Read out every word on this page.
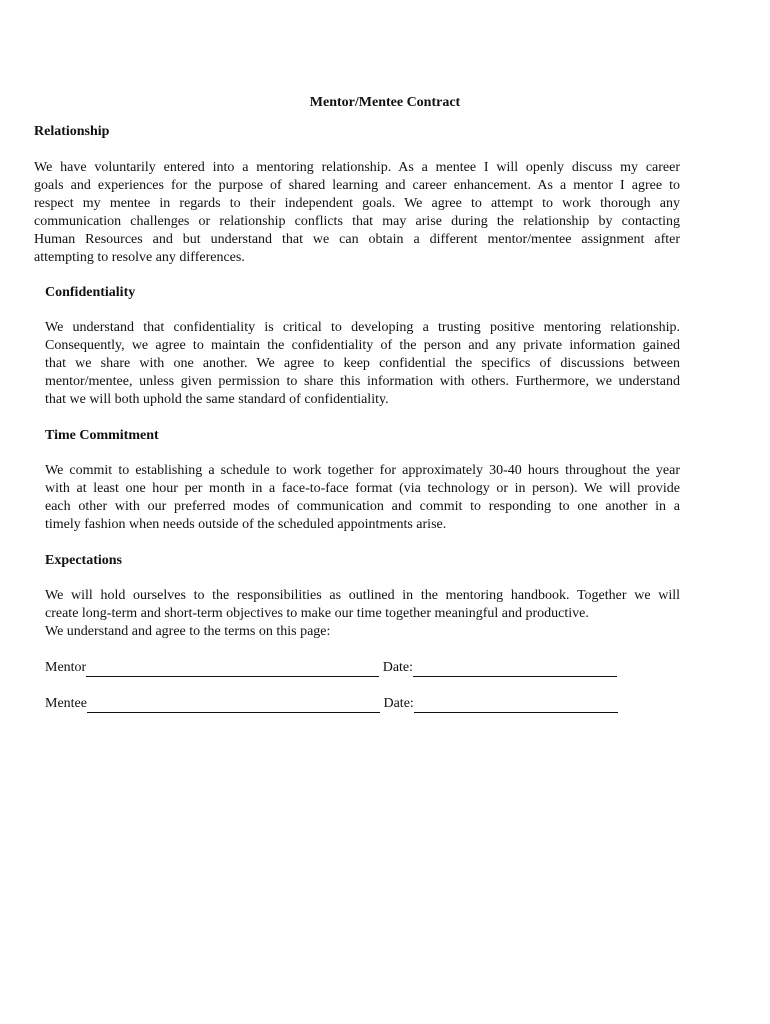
Mentor/Mentee Contract
Relationship
We have voluntarily entered into a mentoring relationship. As a mentee I will openly discuss my career
goals and experiences for the purpose of shared learning and career enhancement. As a mentor I agree to
respect my mentee in regards to their independent goals. We agree to attempt to work thorough any
communication challenges or relationship conflicts that may arise during the relationship by contacting
Human Resources and but understand that we can obtain a different mentor/mentee assignment after
attempting to resolve any differences.
Confidentiality
We understand that confidentiality is critical to developing a trusting positive mentoring relationship.
Consequently, we agree to maintain the confidentiality of the person and any private information gained
that we share with one another. We agree to keep confidential the specifics of discussions between
mentor/mentee, unless given permission to share this information with others. Furthermore, we understand
that we will both uphold the same standard of confidentiality.
Time Commitment
We commit to establishing a schedule to work together for approximately 30-40 hours throughout the year
with at least one hour per month in a face-to-face format (via technology or in person). We will provide
each other with our preferred modes of communication and commit to responding to one another in a
timely fashion when needs outside of the scheduled appointments arise.
Expectations
We will hold ourselves to the responsibilities as outlined in the mentoring handbook. Together we will
create long-term and short-term objectives to make our time together meaningful and productive.
We understand and agree to the terms on this page:
Mentor	Date:
Mentee	Date:
